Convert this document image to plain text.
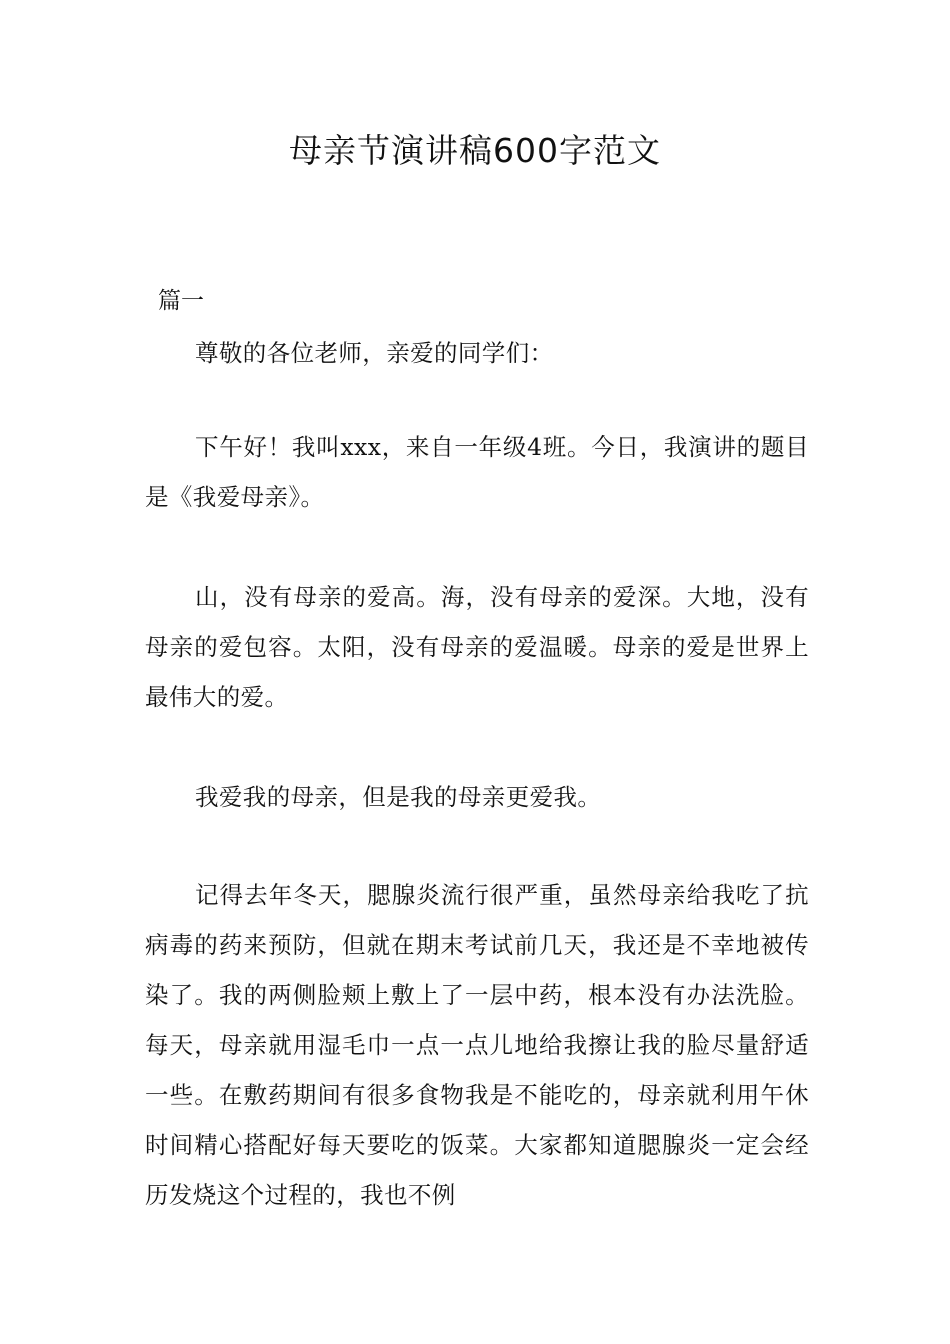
母亲节演讲稿600字范文
篇一

尊敬的各位老师，亲爱的同学们：

下午好！我叫xxx，来自一年级4班。今日，我演讲的题目是《我爱母亲》。

山，没有母亲的爱高。海，没有母亲的爱深。大地，没有母亲的爱包容。太阳，没有母亲的爱温暖。母亲的爱是世界上最伟大的爱。

我爱我的母亲，但是我的母亲更爱我。

记得去年冬天，腮腺炎流行很严重，虽然母亲给我吃了抗病毒的药来预防，但就在期末考试前几天，我还是不幸地被传染了。我的两侧脸颊上敷上了一层中药，根本没有办法洗脸。每天，母亲就用湿毛巾一点一点儿地给我擦让我的脸尽量舒适一些。在敷药期间有很多食物我是不能吃的，母亲就利用午休时间精心搭配好每天要吃的饭菜。大家都知道腮腺炎一定会经历发烧这个过程的，我也不例
